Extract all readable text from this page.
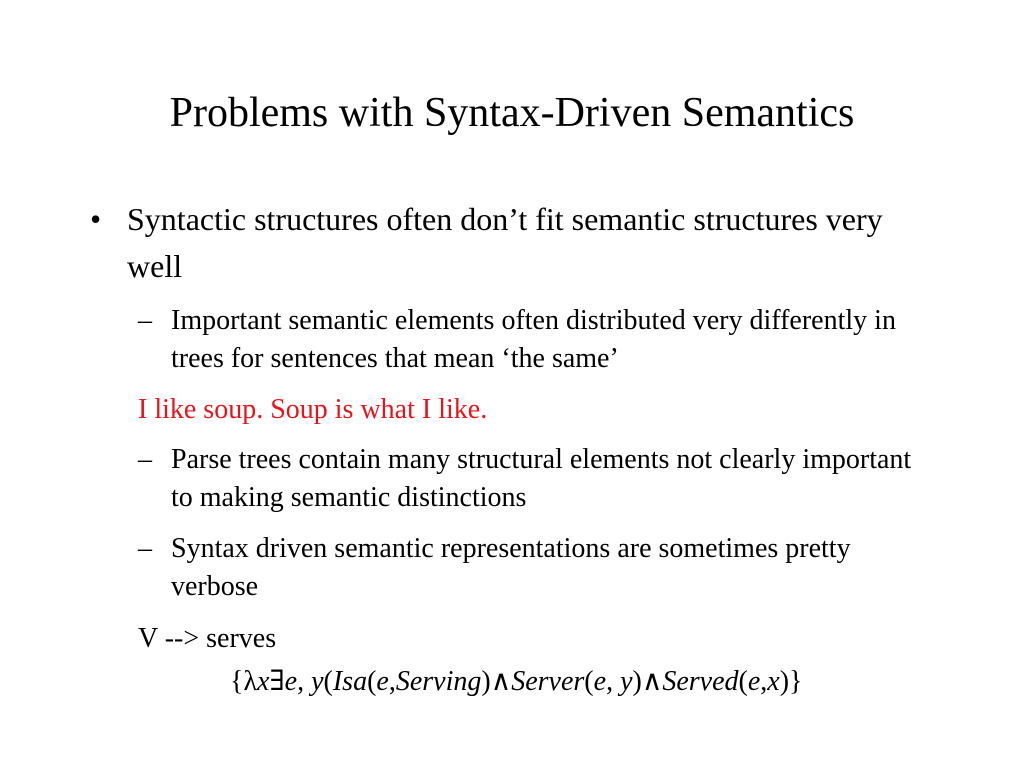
Problems with Syntax-Driven Semantics
• Syntactic structures often don’t fit semantic structures very well
– Important semantic elements often distributed very differently in trees for sentences that mean ‘the same’
I like soup. Soup is what I like.
– Parse trees contain many structural elements not clearly important to making semantic distinctions
– Syntax driven semantic representations are sometimes pretty verbose
V --> serves
{λx∃e, y(Isa(e,Serving)∧Server(e, y)∧Served(e,x)}
